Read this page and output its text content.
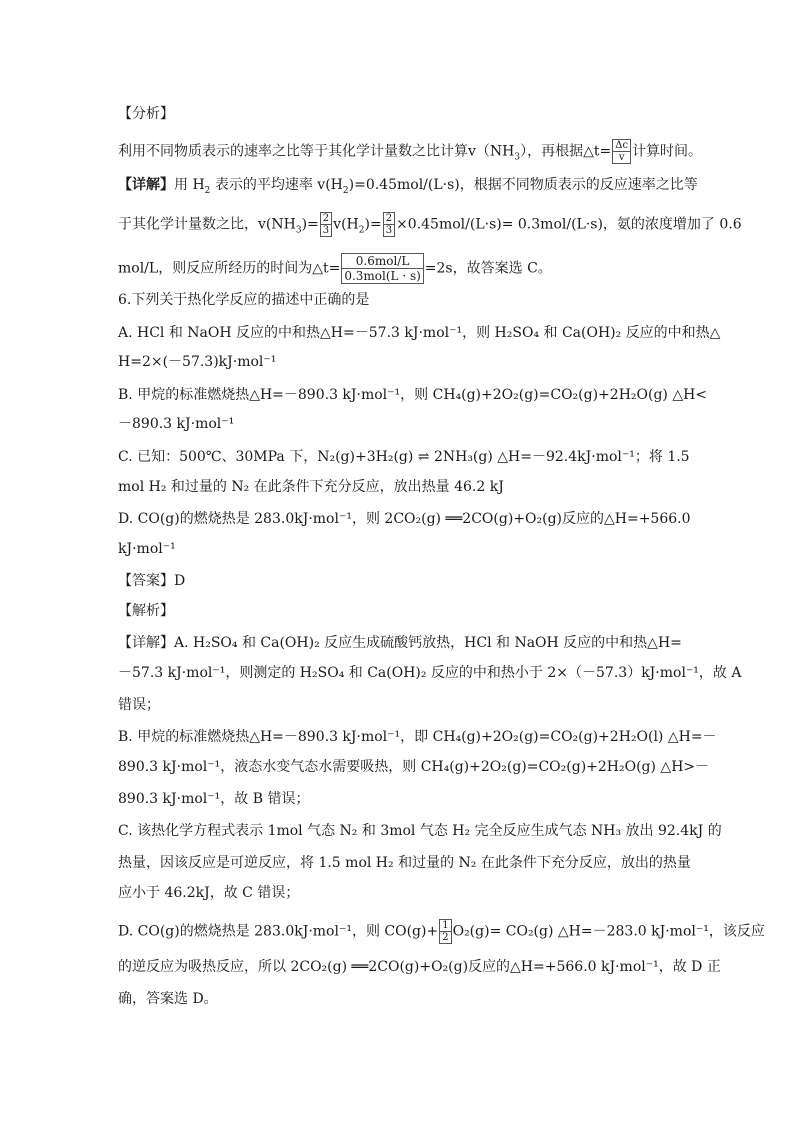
【分析】
利用不同物质表示的速率之比等于其化学计量数之比计算$v(NH_3)$，再根据△t= $\frac{\Delta c}{v}$ 计算时间。
【详解】用 $H_2$ 表示的平均速率 $v(H_2)=0.45mol/(L\cdot s)$，根据不同物质表示的反应速率之比等
于其化学计量数之比，$v(NH_3)= \frac{2}{3} v(H_2)= \frac{2}{3} \times 0.45mol/(L\cdot s)= 0.3mol/(L\cdot s)$，氨的浓度增加了 0.6
mol/L，则反应所经历的时间为△t= $\frac{\text{0.6mol/L}}{\text{0.3mol(L · s)}} =2s$，故答案选 C。
6.下列关于热化学反应的描述中正确的是
A. HCl 和 NaOH 反应的中和热△H=－57.3 kJ·mol⁻¹，则 H₂SO₄ 和 Ca(OH)₂ 反应的中和热△
H=2×(－57.3)kJ·mol⁻¹
B. 甲烷的标准燃烧热△H=－890.3 kJ·mol⁻¹，则 CH₄(g)+2O₂(g)=CO₂(g)+2H₂O(g) △H<
－890.3 kJ·mol⁻¹
C. 已知：500℃、30MPa 下，N₂(g)+3H₂(g) ⇌ 2NH₃(g) △H=－92.4kJ·mol⁻¹；将 1.5
mol H₂ 和过量的 N₂ 在此条件下充分反应，放出热量 46.2 kJ
D. CO(g)的燃烧热是 283.0kJ·mol⁻¹，则 2CO₂(g) ══2CO(g)+O₂(g)反应的△H=+566.0
kJ·mol⁻¹
【答案】D
【解析】
【详解】A. H₂SO₄ 和 Ca(OH)₂ 反应生成硫酸钙放热，HCl 和 NaOH 反应的中和热△H=
－57.3 kJ·mol⁻¹，则测定的 H₂SO₄ 和 Ca(OH)₂ 反应的中和热小于 2×（－57.3）kJ·mol⁻¹，故 A
错误；
B. 甲烷的标准燃烧热△H=－890.3 kJ·mol⁻¹，即 CH₄(g)+2O₂(g)=CO₂(g)+2H₂O(l) △H=－
890.3 kJ·mol⁻¹，液态水变气态水需要吸热，则 CH₄(g)+2O₂(g)=CO₂(g)+2H₂O(g) △H>－
890.3 kJ·mol⁻¹，故 B 错误；
C. 该热化学方程式表示 1mol 气态 N₂ 和 3mol 气态 H₂ 完全反应生成气态 NH₃ 放出 92.4kJ 的
热量，因该反应是可逆反应，将 1.5 mol H₂ 和过量的 N₂ 在此条件下充分反应，放出的热量
应小于 46.2kJ，故 C 错误；
D. CO(g)的燃烧热是 283.0kJ·mol⁻¹，则 $CO(g)+ \frac{1}{2} O_2(g)= CO_2(g)$ △H=－283.0 kJ·mol⁻¹，该反应
的逆反应为吸热反应，所以 2CO₂(g) ══2CO(g)+O₂(g)反应的△H=+566.0 kJ·mol⁻¹，故 D 正
确，答案选 D。
